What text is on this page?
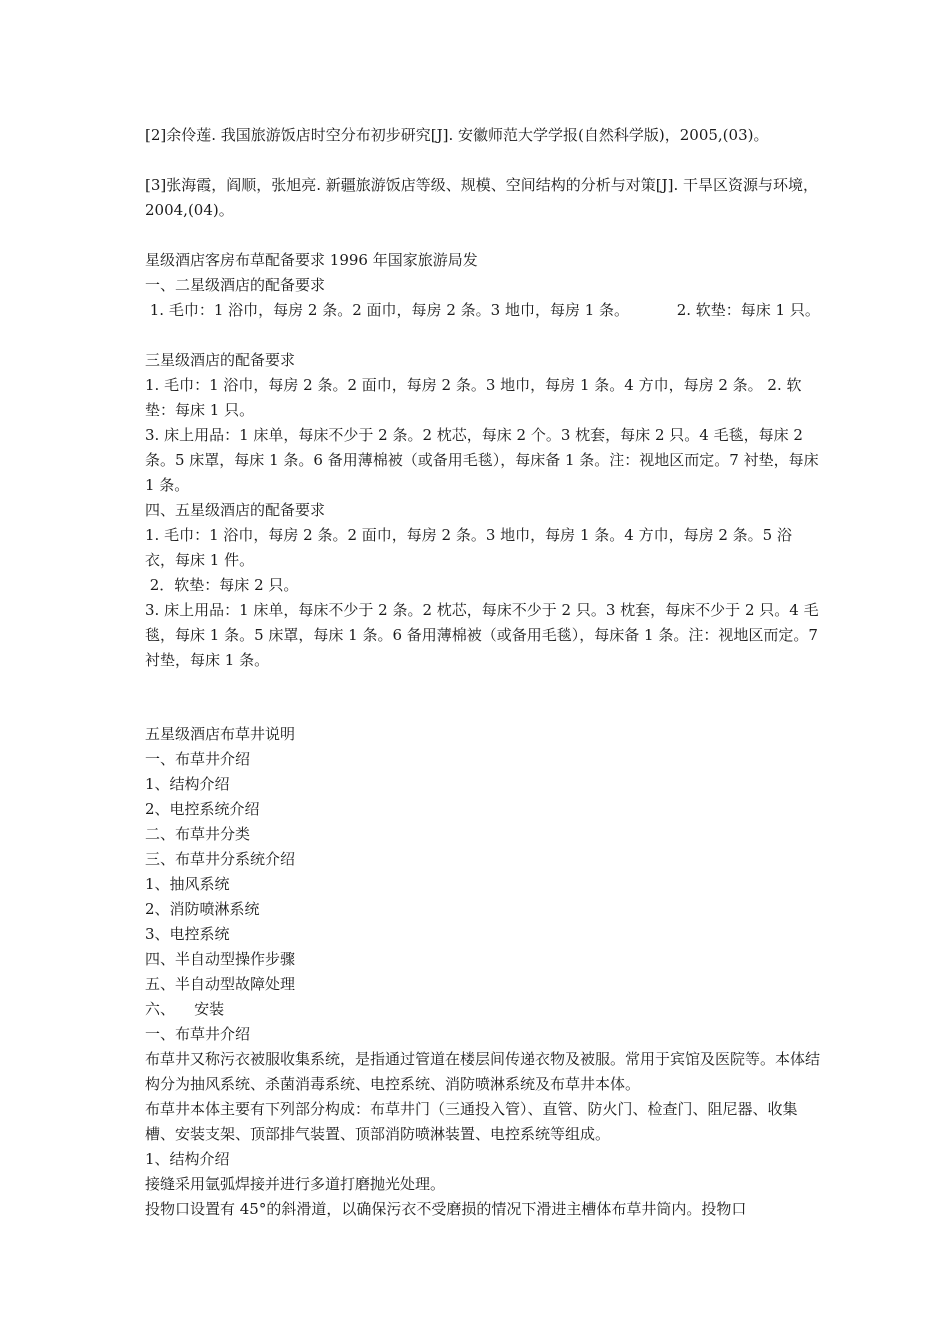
[2]余伶莲. 我国旅游饭店时空分布初步研究[J]. 安徽师范大学学报(自然科学版)，2005,(03)。
[3]张海霞，阎顺，张旭亮. 新疆旅游饭店等级、规模、空间结构的分析与对策[J]. 干旱区资源与环境，2004,(04)。
星级酒店客房布草配备要求 1996 年国家旅游局发
一、二星级酒店的配备要求
1. 毛巾：1 浴巾，每房 2 条。2 面巾，每房 2 条。3 地巾，每房 1 条。          2. 软垫：每床 1 只。
三星级酒店的配备要求
1. 毛巾：1 浴巾，每房 2 条。2 面巾，每房 2 条。3 地巾，每房 1 条。4 方巾，每房 2 条。 2. 软垫：每床 1 只。
3. 床上用品：1 床单，每床不少于 2 条。2 枕芯，每床 2 个。3 枕套，每床 2 只。4 毛毯，每床 2 条。5 床罩，每床 1 条。6 备用薄棉被（或备用毛毯），每床备 1 条。注：视地区而定。7 衬垫，每床 1 条。
四、五星级酒店的配备要求
1. 毛巾：1 浴巾，每房 2 条。2 面巾，每房 2 条。3 地巾，每房 1 条。4 方巾，每房 2 条。5 浴衣，每床 1 件。
2．软垫：每床 2 只。
3. 床上用品：1 床单，每床不少于 2 条。2 枕芯，每床不少于 2 只。3 枕套，每床不少于 2 只。4 毛毯，每床 1 条。5 床罩，每床 1 条。6 备用薄棉被（或备用毛毯），每床备 1 条。注：视地区而定。7 衬垫，每床 1 条。
五星级酒店布草井说明
一、布草井介绍
1、结构介绍
2、电控系统介绍
二、布草井分类
三、布草井分系统介绍
1、抽风系统
2、消防喷淋系统
3、电控系统
四、半自动型操作步骤
五、半自动型故障处理
六、    安装
一、布草井介绍
布草井又称污衣被服收集系统，是指通过管道在楼层间传递衣物及被服。常用于宾馆及医院等。本体结构分为抽风系统、杀菌消毒系统、电控系统、消防喷淋系统及布草井本体。
布草井本体主要有下列部分构成：布草井门（三通投入管）、直管、防火门、检查门、阻尼器、收集槽、安装支架、顶部排气装置、顶部消防喷淋装置、电控系统等组成。
1、结构介绍
接缝采用氩弧焊接并进行多道打磨抛光处理。
投物口设置有 45°的斜滑道，以确保污衣不受磨损的情况下滑进主槽体布草井筒内。投物口
